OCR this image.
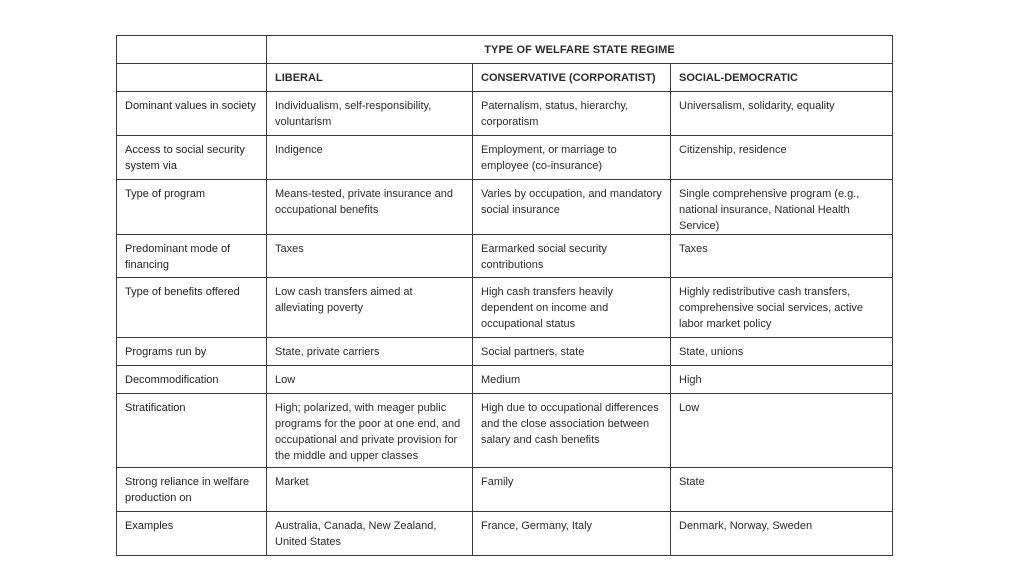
	TYPE OF WELFARE STATE REGIME		
	LIBERAL	CONSERVATIVE (CORPORATIST)	SOCIAL-DEMOCRATIC

Dominant values in society	Individualism, self-responsibility, voluntarism	Paternalism, status, hierarchy, corporatism	Universalism, solidarity, equality

Access to social security system via	Indigence	Employment, or marriage to employee (co-insurance)	Citizenship, residence

Type of program	Means-tested, private insurance and occupational benefits	Varies by occupation, and mandatory social insurance	Single comprehensive program (e.g., national insurance, National Health Service)

Predominant mode of financing	Taxes	Earmarked social security contributions	Taxes

Type of benefits offered	Low cash transfers aimed at alleviating poverty	High cash transfers heavily dependent on income and occupational status	Highly redistributive cash transfers, comprehensive social services, active labor market policy

Programs run by	State, private carriers	Social partners, state	State, unions

Decommodification	Low	Medium	High

Stratification	High; polarized, with meager public programs for the poor at one end, and occupational and private provision for the middle and upper classes	High due to occupational differences and the close association between salary and cash benefits	Low

Strong reliance in welfare production on	Market	Family	State

Examples	Australia, Canada, New Zealand, United States	France, Germany, Italy	Denmark, Norway, Sweden
